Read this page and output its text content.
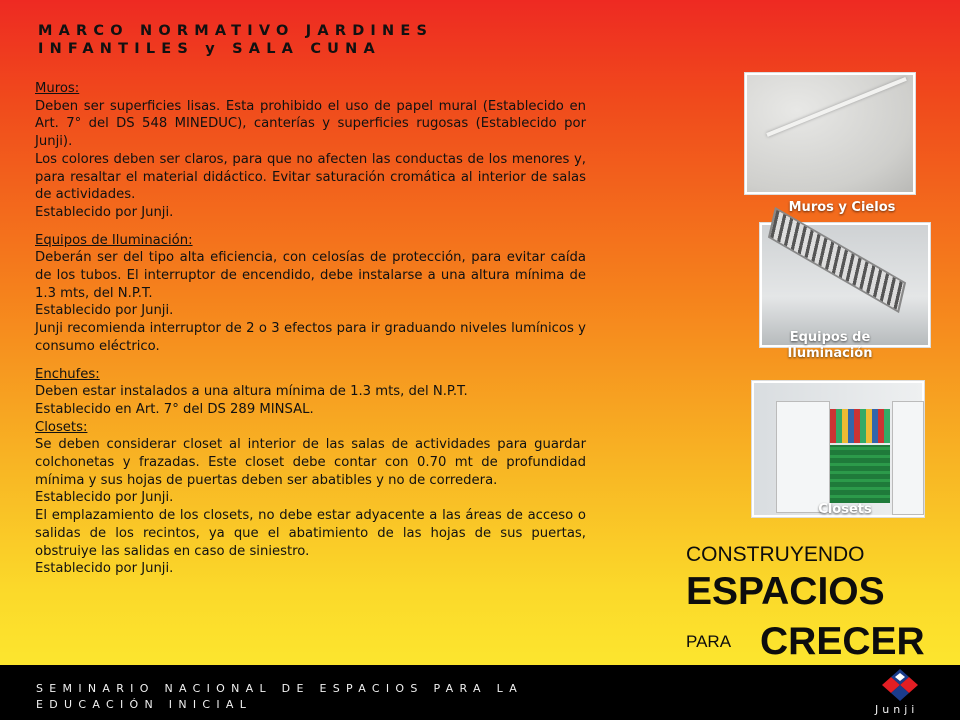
MARCO NORMATIVO JARDINES INFANTILES y SALA CUNA

Muros:

Deben ser superficies lisas. Esta prohibido el uso de papel mural (Establecido en Art. 7° del DS 548 MINEDUC), canterías y superficies rugosas (Establecido por Junji).

Los colores deben ser claros, para que no afecten las conductas de los menores y, para resaltar el material didáctico. Evitar saturación cromática al interior de salas de actividades.

Establecido por Junji.

Equipos de Iluminación:

Deberán ser del tipo alta eficiencia, con celosías de protección, para evitar caída de los tubos. El interruptor de encendido, debe instalarse a una altura mínima de 1.3 mts, del N.P.T.

Establecido por Junji.

Junji recomienda interruptor de 2 o 3 efectos para ir graduando niveles lumínicos y consumo eléctrico.

Enchufes:

Deben estar instalados a una altura mínima de 1.3 mts, del N.P.T.

Establecido en Art. 7° del DS 289 MINSAL.

Closets:

Se deben considerar closet al interior de las salas de actividades para guardar colchonetas y frazadas. Este closet debe contar con 0.70 mt de profundidad mínima y sus hojas de puertas deben ser abatibles y no de corredera.

Establecido por Junji.

El emplazamiento de los closets, no debe estar adyacente a las áreas de acceso o salidas de los recintos, ya que el abatimiento de las hojas de sus puertas, obstruiye las salidas en caso de siniestro.

Establecido por Junji.

Muros y Cielos
Equipos de Iluminación
Closets
CONSTRUYENDO
ESPACIOS
PARA CRECER

SEMINARIO NACIONAL DE ESPACIOS PARA LA EDUCACIÓN INICIAL	Junji
